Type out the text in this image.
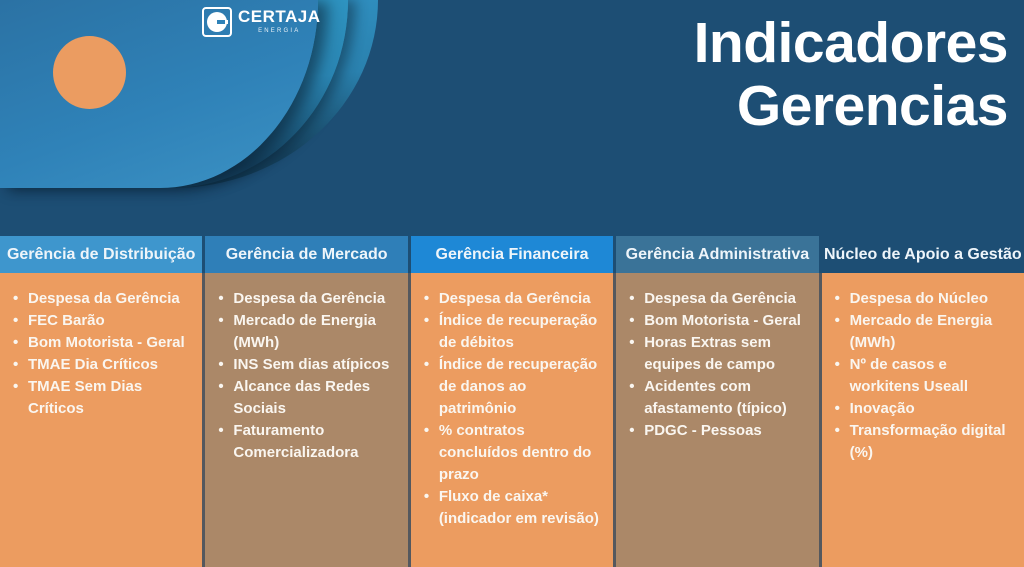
CERTAJA
ENERGIA	Indicadores
Gerencias
Gerência de Distribuição
• Despesa da Gerência
• FEC Barão
• Bom Motorista - Geral
• TMAE Dia Críticos
• TMAE Sem Dias Críticos
Gerência de Mercado
• Despesa da Gerência
• Mercado de Energia (MWh)
• INS Sem dias atípicos
• Alcance das Redes Sociais
• Faturamento Comercializadora
Gerência Financeira
• Despesa da Gerência
• Índice de recuperação de débitos
• Índice de recuperação de danos ao patrimônio
• % contratos concluídos dentro do prazo
• Fluxo de caixa* (indicador em revisão)
Gerência Administrativa
• Despesa da Gerência
• Bom Motorista - Geral
• Horas Extras sem equipes de campo
• Acidentes com afastamento (típico)
• PDGC - Pessoas
Núcleo de Apoio a Gestão
• Despesa do Núcleo
• Mercado de Energia (MWh)
• Nº de casos e workitens Useall
• Inovação
• Transformação digital (%)
